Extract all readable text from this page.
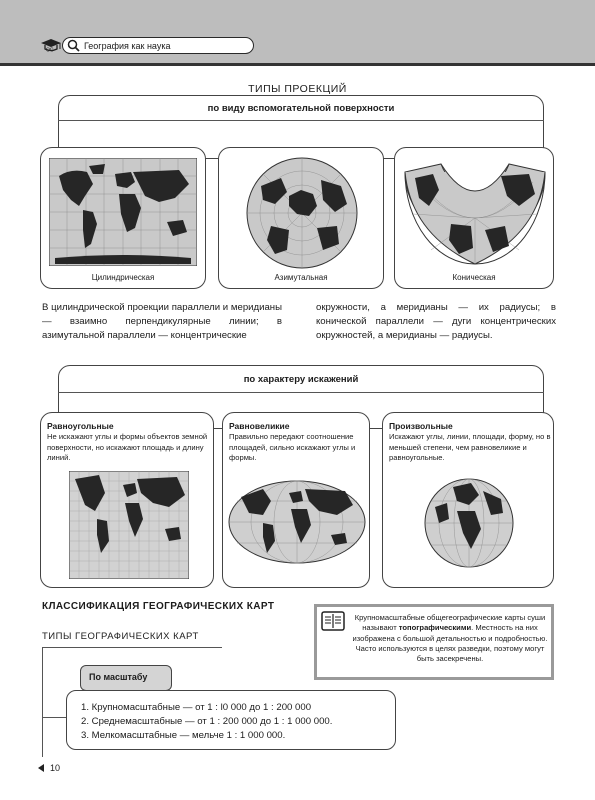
ОС	География как наука
ТИПЫ ПРОЕКЦИЙ
по виду вспомогательной поверхности
Цилиндрическая	Азимутальная	Коническая
В цилиндрической проекции параллели и меридианы — взаимно перпендикулярные линии; в азимутальной параллели — концентрические
окружности, а меридианы — их радиусы; в конической параллели — дуги концентрических окружностей, а меридианы — радиусы.
по характеру искажений
Равноугольные
Не искажают углы и формы объектов земной поверхности, но искажают площадь и длину линий.
Равновеликие
Правильно передают соотношение площадей, сильно искажают углы и формы.
Произвольные
Искажают углы, линии, площади, форму, но в меньшей степени, чем равновеликие и равноугольные.
КЛАССИФИКАЦИЯ ГЕОГРАФИЧЕСКИХ КАРТ
ТИПЫ ГЕОГРАФИЧЕСКИХ КАРТ
Крупномасштабные общегеографические карты суши называют топографическими. Местность на них изображена с большой детальностью и подробностью. Часто используются в целях разведки, поэтому могут быть засекречены.
По масштабу
1. Крупномасштабные — от 1 : l0 000 до 1 : 200 000
2. Среднемасштабные — от 1 : 200 000 до 1 : 1 000 000.
3. Мелкомасштабные — мельче 1 : 1 000 000.
10
